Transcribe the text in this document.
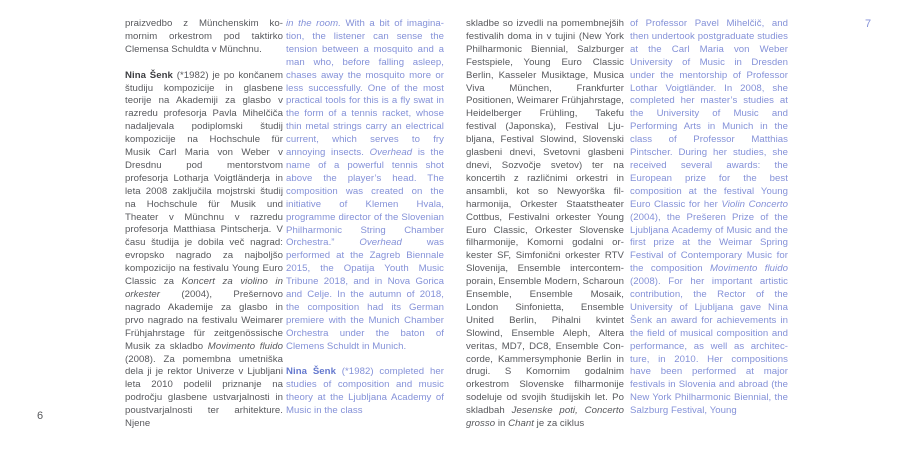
praizvedbo z Münchenskim komornim orkestrom pod taktirko Clemensa Schuldta v Münchnu.

Nina Šenk (*1982) je po končanem študiju kompozicije in glasbene teorije na Akademiji za glasbo v razredu profesorja Pavla Mihelčiča nadaljevala podiplomski študij kompozicije na Hochschule für Musik Carl Maria von Weber v Dresdnu pod mentorstvom profesorja Lotharja Voigtländerja in leta 2008 zaključila mojstrski študij na Hochschule für Musik und Theater v Münchnu v razredu profesorja Matthiasa Pintscherja. V času študija je dobila več nagrad: evropsko nagrado za najboljšo kompozicijo na festivalu Young Euro Classic za Koncert za violino in orkester (2004), Prešernovo nagrado Akademije za glasbo in prvo nagrado na festivalu Weimarer Frühjahrstage für zeitgenössische Musik za skladbo Movimento fluido (2008). Za pomembna umetniška dela ji je rektor Univerze v Ljubljani leta 2010 podelil priznanje na področju glasbene ustvarjalnosti in poustvarjalnosti ter arhitekture. Njene

in the room. With a bit of imagination, the listener can sense the tension between a mosquito and a man who, before falling asleep, chases away the mosquito more or less successfully. One of the most practical tools for this is a fly swat in the form of a tennis racket, whose thin metal strings carry an electrical current, which serves to fry annoying insects. Overhead is the name of a powerful tennis shot above the player’s head. The composition was created on the initiative of Klemen Hvala, programme director of the Slovenian Philharmonic String Chamber Orchestra.” Overhead was performed at the Zagreb Biennale 2015, the Opatija Youth Music Tribune 2018, and in Nova Gorica and Celje. In the autumn of 2018, the composition had its German premiere with the Munich Chamber Orchestra under the baton of Clemens Schuldt in Munich.

Nina Šenk (*1982) completed her studies of composition and music theory at the Ljubljana Academy of Music in the class

6

skladbe so izvedli na pomembnejših festivalih doma in v tujini (New York Philharmonic Biennial, Salzburger Festspiele, Young Euro Classic Berlin, Kasseler Musiktage, Musica Viva München, Frankfurter Positionen, Weimarer Frühjahrstage, Heidelberger Frühling, Takefu festival (Japonska), Festival Ljubljana, Festival Slowind, Slovenski glasbeni dnevi, Svetovni glasbeni dnevi, Sozvočje svetov) ter na koncertih z različnimi orkestri in ansambli, kot so Newyorška filharmonija, Orkester Staatstheater Cottbus, Festivalni orkester Young Euro Classic, Orkester Slovenske filharmonije, Komorni godalni orkester SF, Simfonični orkester RTV Slovenija, Ensemble intercontemporain, Ensemble Modern, Scharoun Ensemble, Ensemble Mosaik, London Sinfonietta, Ensemble United Berlin, Pihalni kvintet Slowind, Ensemble Aleph, Altera veritas, MD7, DC8, Ensemble Concorde, Kammersymphonie Berlin in drugi. S Komornim godalnim orkestrom Slovenske filharmonije sodeluje od svojih študijskih let. Po skladbah Jesenske poti, Concerto grosso in Chant je za ciklus

of Professor Pavel Mihelčič, and then undertook postgraduate studies at the Carl Maria von Weber University of Music in Dresden under the mentorship of Professor Lothar Voigtländer. In 2008, she completed her master’s studies at the University of Music and Performing Arts in Munich in the class of Professor Matthias Pintscher. During her studies, she received several awards: the European prize for the best composition at the festival Young Euro Classic for her Violin Concerto (2004), the Prešeren Prize of the Ljubljana Academy of Music and the first prize at the Weimar Spring Festival of Contemporary Music for the composition Movimento fluido (2008). For her important artistic contribution, the Rector of the University of Ljubljana gave Nina Šenk an award for achievements in the field of musical composition and performance, as well as architecture, in 2010. Her compositions have been performed at major festivals in Slovenia and abroad (the New York Philharmonic Biennial, the Salzburg Festival, Young

7
